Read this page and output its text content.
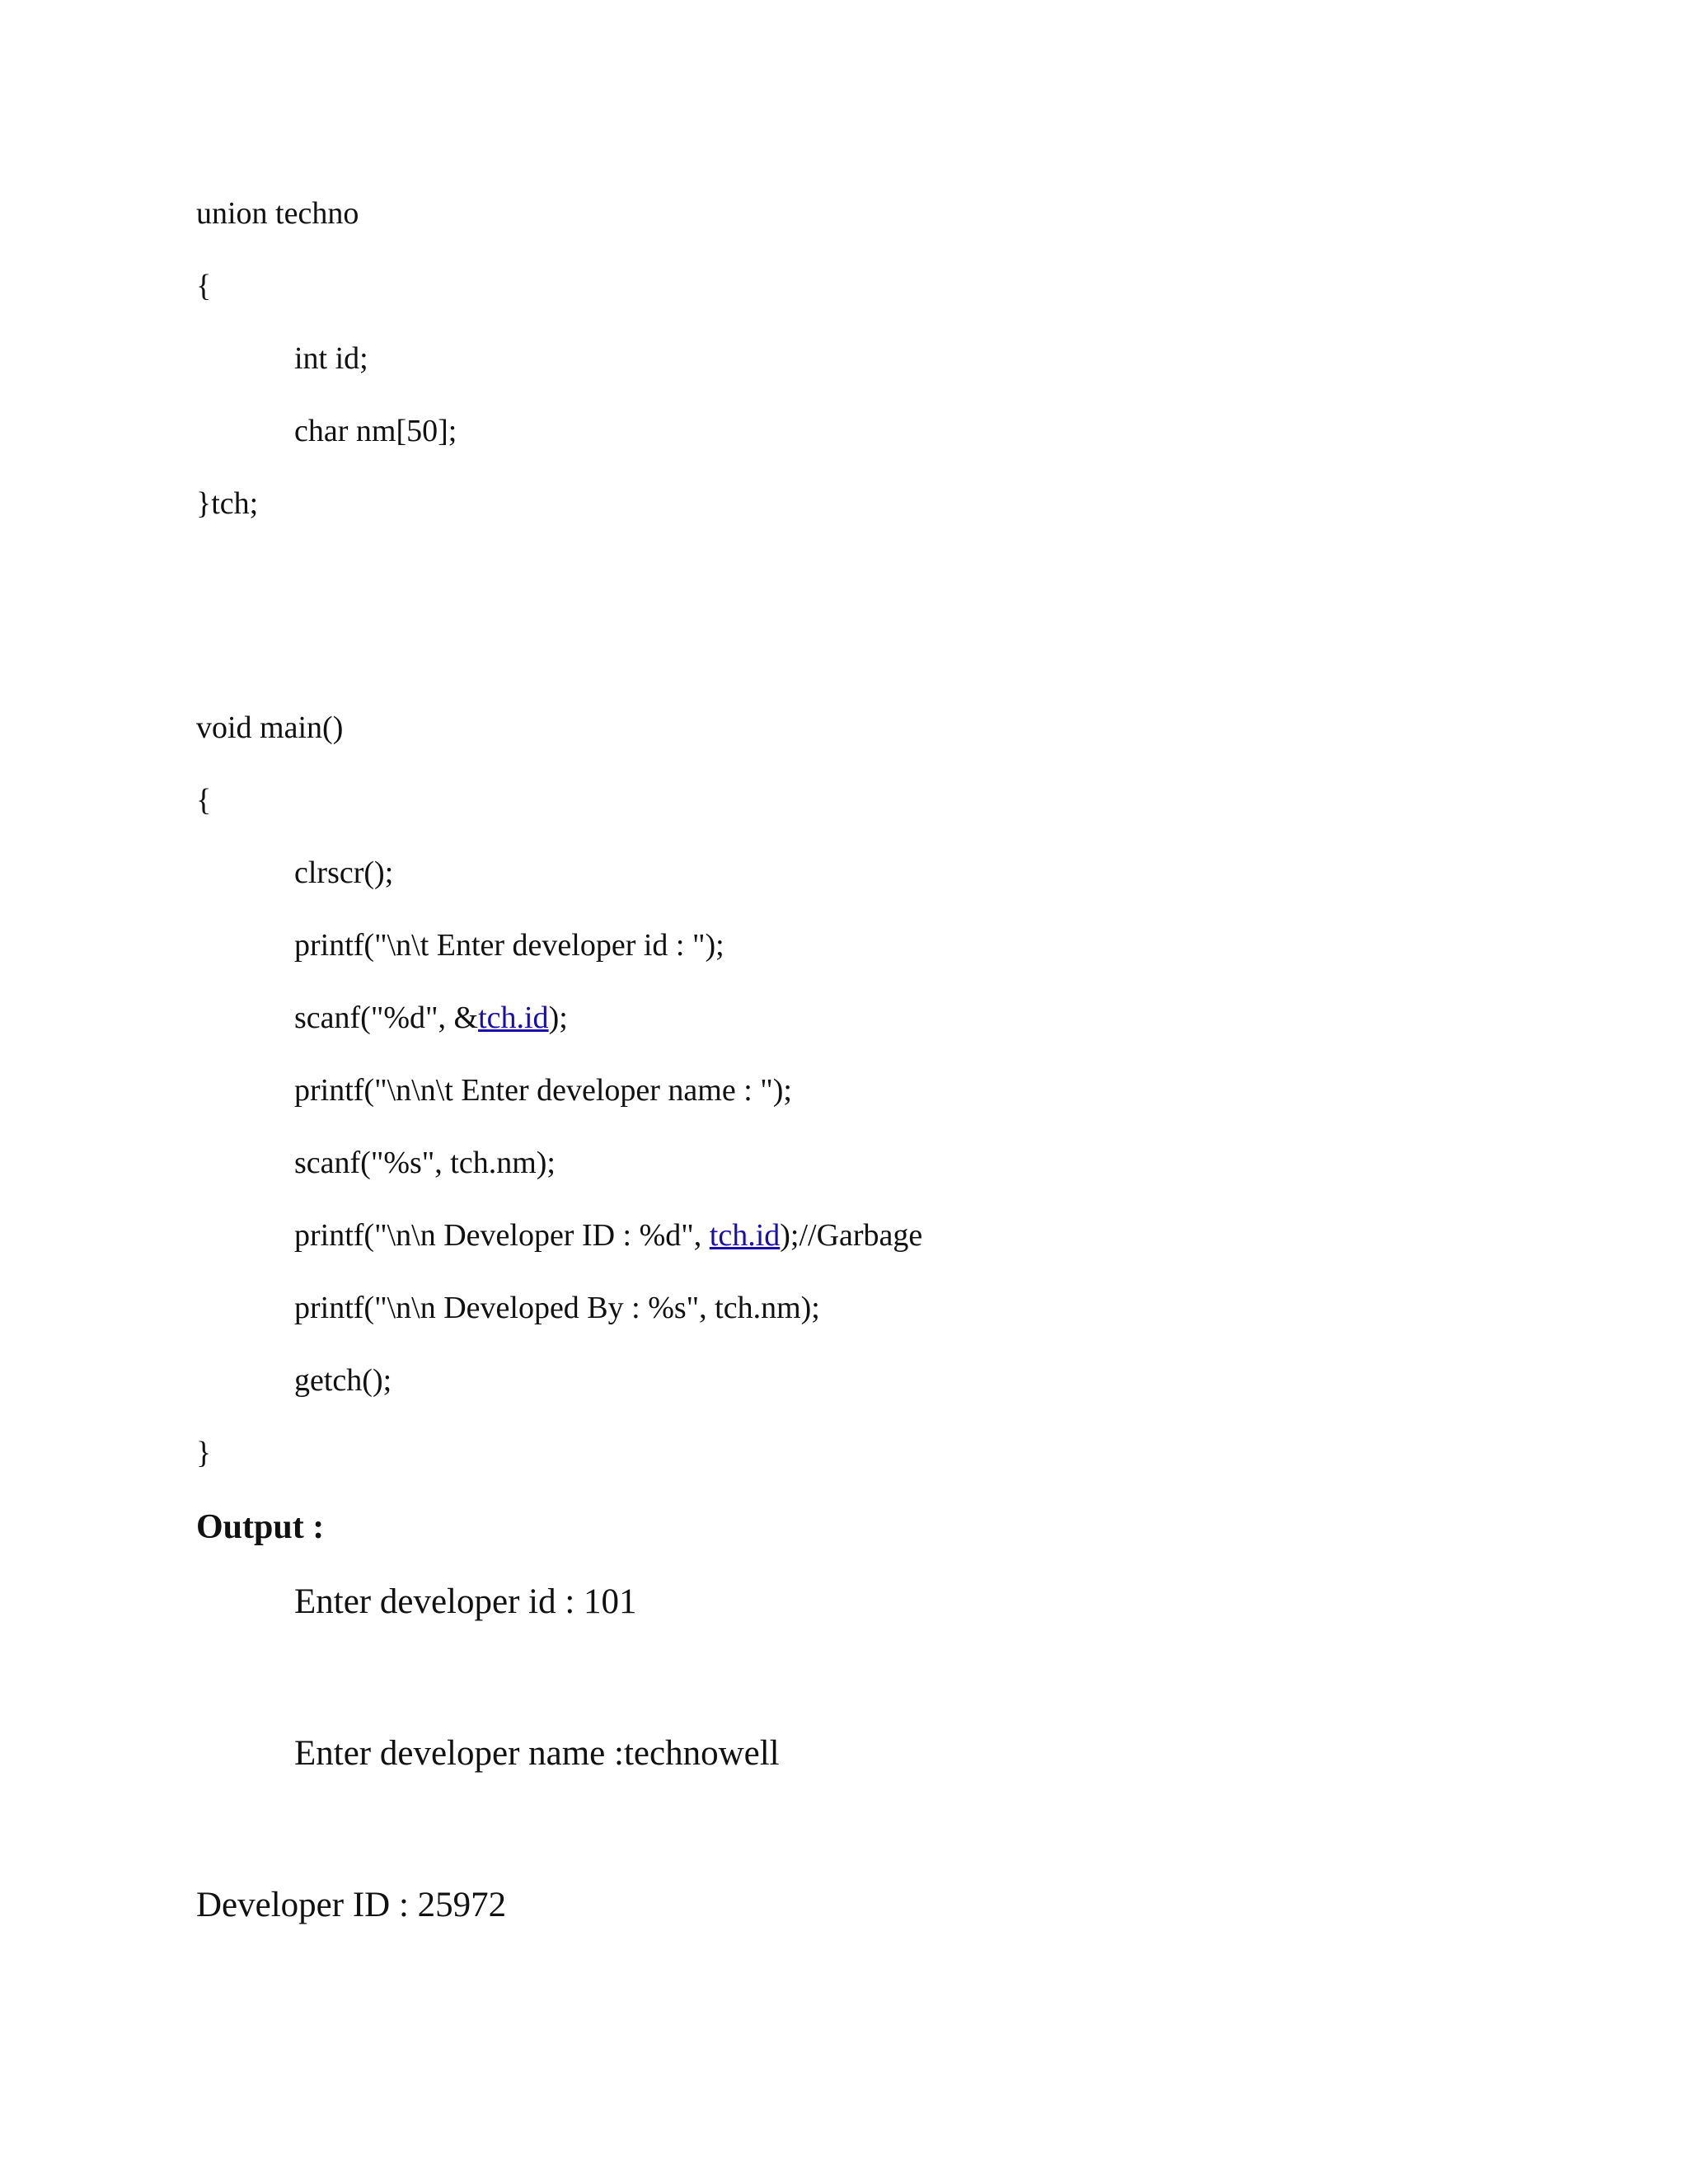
union techno
{
int id;
char nm[50];
}tch;
void main()
{
clrscr();
printf("\n\t Enter developer id : ");
scanf("%d", &tch.id);
printf("\n\n\t Enter developer name : ");
scanf("%s", tch.nm);
printf("\n\n Developer ID : %d", tch.id);//Garbage
printf("\n\n Developed By : %s", tch.nm);
getch();
}
Output :
Enter developer id : 101
Enter developer name :technowell
Developer ID : 25972
